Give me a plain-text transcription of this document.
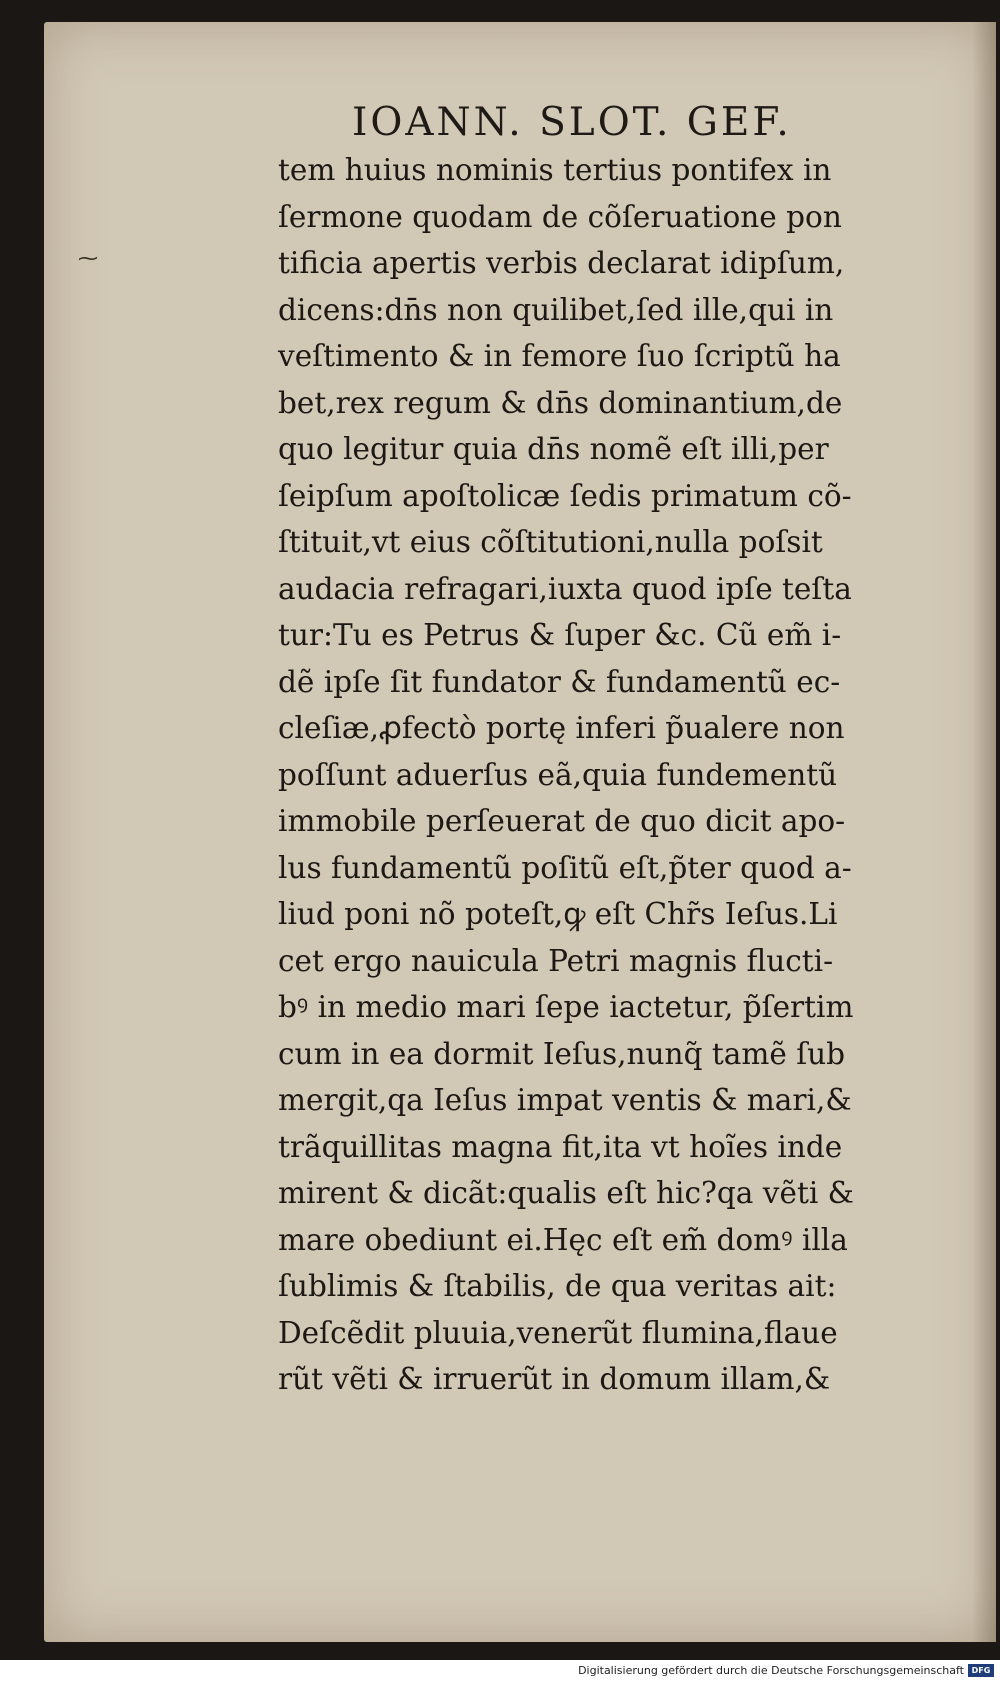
IOANN. SLOT. GEF.
tem huius nominis tertius pontifex in
ſermone quodam de cõſeruatione pon
tificia apertis verbis declarat idipſum,
dicens:dn̄s non quilibet,ſed ille,qui in
veſtimento & in femore ſuo ſcriptũ ha
bet,rex regum & dn̄s dominantium,de
quo legitur quia dn̄s nomẽ eſt illi,per
ſeipſum apoſtolicæ ſedis primatum cõ-
ſtituit,vt eius cõſtitutioni,nulla poſsit
audacia refragari,iuxta quod ipſe teſta
tur:Tu es Petrus & ſuper &c. Cũ em̃ i-
dẽ ipſe ſit fundator & fundamentũ ec-
cleſiæ,ꝓfectò portę inferi p̃ualere non
poſſunt aduerſus eã,quia fundementũ
immobile perſeuerat de quo dicit apo-
lus fundamentũ poſitũ eſt,p̃ter quod a-
liud poni nõ poteſt,ꝙ eſt Chr̃s Ieſus.Li
cet ergo nauicula Petri magnis flucti-
bꝰ in medio mari ſepe iactetur, p̃ſertim
cum in ea dormit Ieſus,nunq̃ tamẽ ſub
mergit,qa Ieſus impat ventis & mari,&
trãquillitas magna fit,ita vt hoĩes inde
mirent & dicãt:qualis eſt hic?qa vẽti &
mare obediunt ei.Hęc eſt em̃ domꝰ illa
ſublimis & ſtabilis, de qua veritas ait:
Deſcẽdit pluuia,venerũt flumina,flaue
rũt vẽti & irruerũt in domum illam,&
⁓
Digitalisierung gefördert durch die Deutsche Forschungsgemeinschaft DFG
